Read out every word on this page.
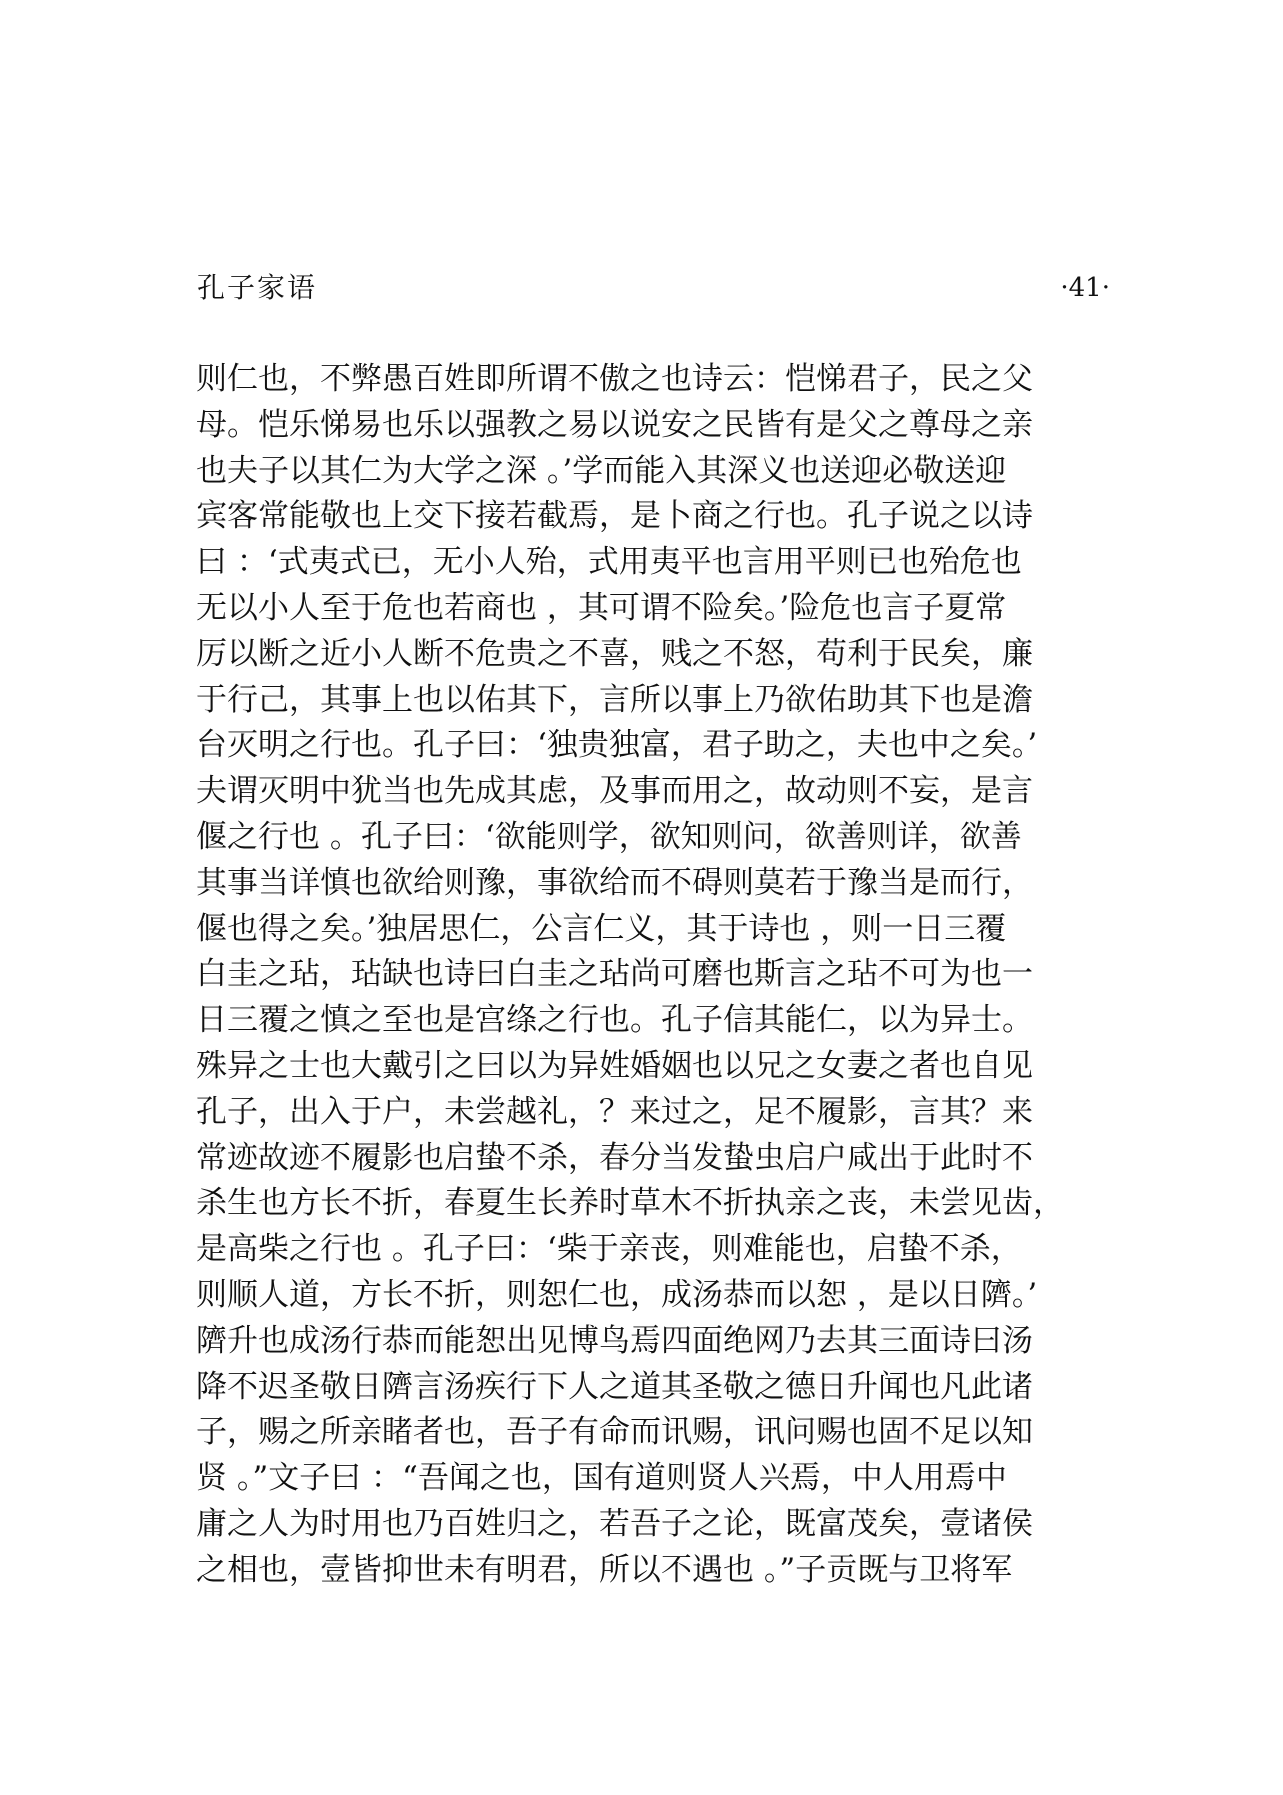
孔子家语	·41·
则仁也，不弊愚百姓即所谓不傲之也诗云：恺悌君子，民之父
母。恺乐悌易也乐以强教之易以说安之民皆有是父之尊母之亲
也夫子以其仁为大学之深 。’学而能入其深义也送迎必敬送迎
宾客常能敬也上交下接若截焉，是卜商之行也。孔子说之以诗
曰 ：‘式夷式已，无小人殆，式用夷平也言用平则已也殆危也
无以小人至于危也若商也 ，其可谓不险矣。’险危也言子夏常
厉以断之近小人断不危贵之不喜，贱之不怒，苟利于民矣，廉
于行己，其事上也以佑其下，言所以事上乃欲佑助其下也是澹
台灭明之行也。孔子曰：‘独贵独富，君子助之，夫也中之矣。’
夫谓灭明中犹当也先成其虑，及事而用之，故动则不妄，是言
偃之行也 。孔子曰：‘欲能则学，欲知则问，欲善则详，欲善
其事当详慎也欲给则豫，事欲给而不碍则莫若于豫当是而行，
偃也得之矣。’独居思仁，公言仁义，其于诗也 ，则一日三覆
白圭之玷，玷缺也诗曰白圭之玷尚可磨也斯言之玷不可为也一
日三覆之慎之至也是宫绦之行也。孔子信其能仁，以为异士。
殊异之士也大戴引之曰以为异姓婚姻也以兄之女妻之者也自见
孔子，出入于户，未尝越礼，？来过之，足不履影，言其？来
常迹故迹不履影也启蛰不杀，春分当发蛰虫启户咸出于此时不
杀生也方长不折，春夏生长养时草木不折执亲之丧，未尝见齿，
是高柴之行也 。孔子曰：‘柴于亲丧，则难能也，启蛰不杀，
则顺人道，方长不折，则恕仁也，成汤恭而以恕 ，是以日隮。’
隮升也成汤行恭而能恕出见博鸟焉四面绝网乃去其三面诗曰汤
降不迟圣敬日隮言汤疾行下人之道其圣敬之德日升闻也凡此诸
子，赐之所亲睹者也，吾子有命而讯赐，讯问赐也固不足以知
贤 。”文子曰 ：“吾闻之也，国有道则贤人兴焉，中人用焉中
庸之人为时用也乃百姓归之，若吾子之论，既富茂矣，壹诸侯
之相也，壹皆抑世未有明君，所以不遇也 。”子贡既与卫将军
